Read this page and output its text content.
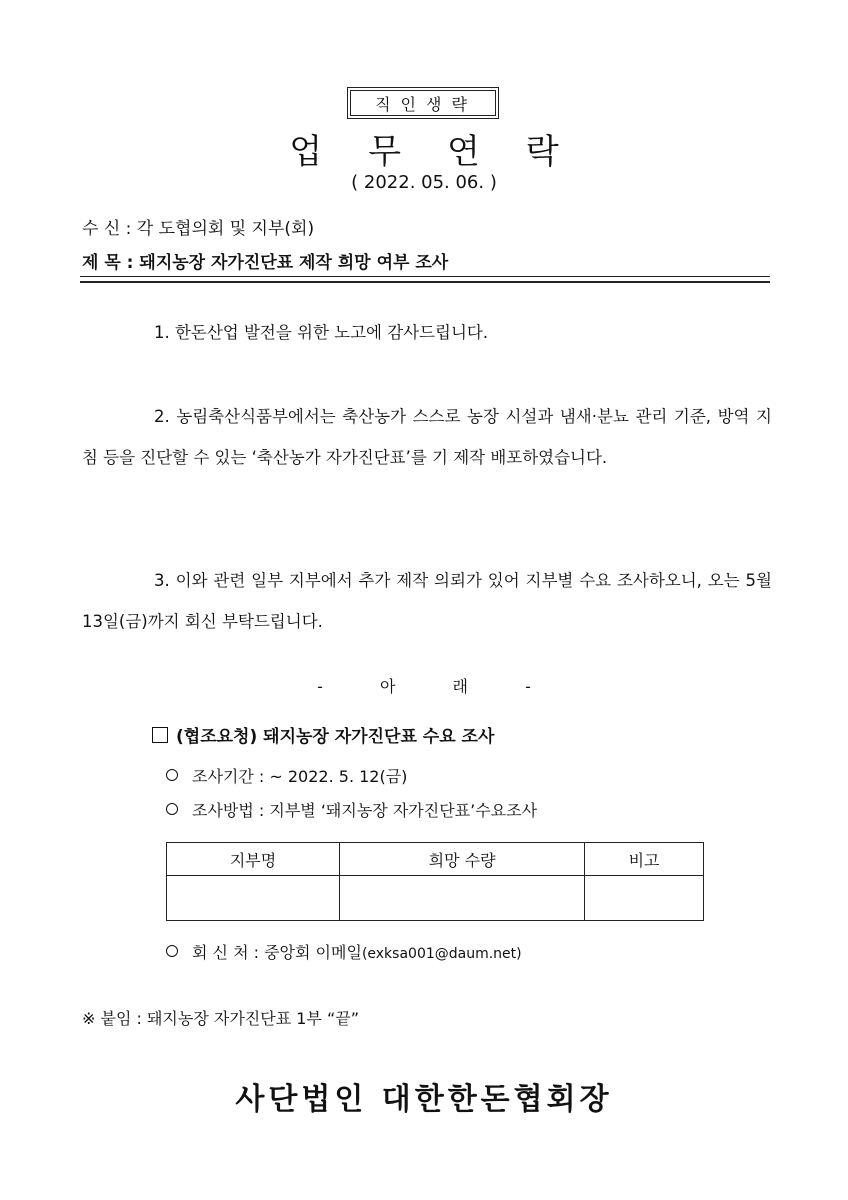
직인생략
업무연락
( 2022. 05. 06. )
수 신 : 각 도협의회 및 지부(회)
제 목 : 돼지농장 자가진단표 제작 희망 여부 조사
1. 한돈산업 발전을 위한 노고에 감사드립니다.
2. 농림축산식품부에서는 축산농가 스스로 농장 시설과 냄새·분뇨 관리 기준, 방역 지침 등을 진단할 수 있는 ‘축산농가 자가진단표’를 기 제작 배포하였습니다.
3. 이와 관련 일부 지부에서 추가 제작 의뢰가 있어 지부별 수요 조사하오니, 오는 5월 13일(금)까지 회신 부탁드립니다.
- 아 래 -
(협조요청) 돼지농장 자가진단표 수요 조사
조사기간 : ~ 2022. 5. 12(금)
조사방법 : 지부별 ‘돼지농장 자가진단표’수요조사
지부명	희망 수량	비고

회 신 처 : 중앙회 이메일(exksa001@daum.net)
※ 붙임 : 돼지농장 자가진단표 1부 “끝”
사단법인 대한한돈협회장
